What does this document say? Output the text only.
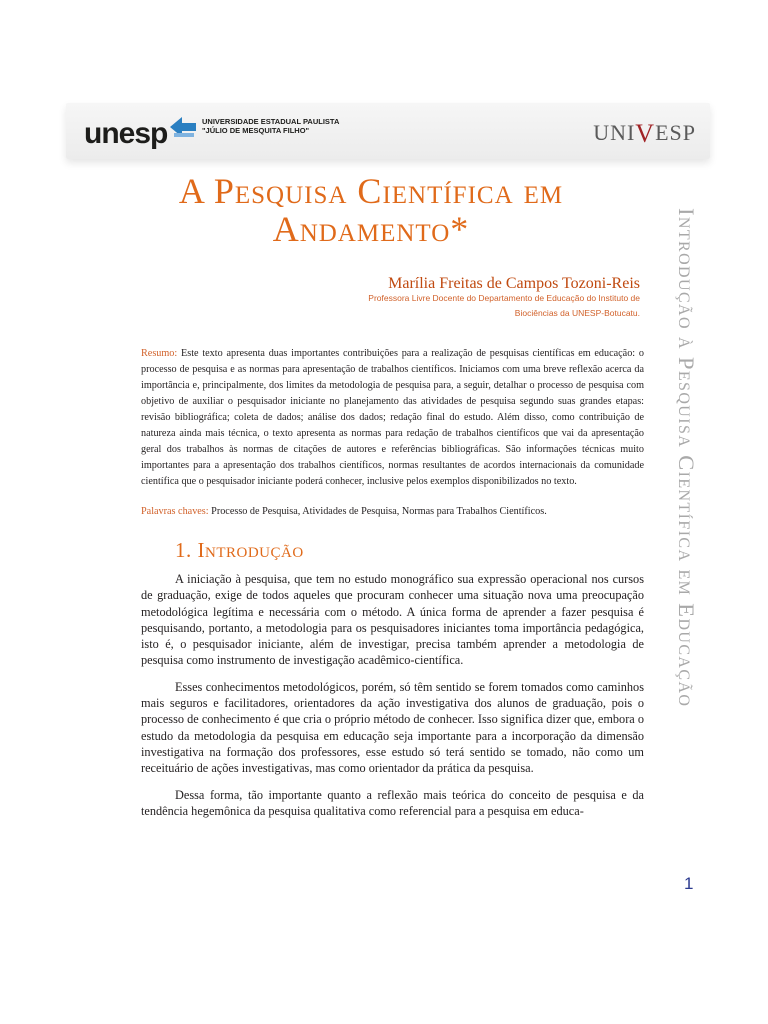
unesp	UNIVERSIDADE ESTADUAL PAULISTA
"JÚLIO DE MESQUITA FILHO"	UNIVESP
A Pesquisa Científica em
Andamento*
Marília Freitas de Campos Tozoni-Reis
Professora Livre Docente do Departamento de Educação do Instituto de
Biociências da UNESP-Botucatu.
Resumo: Este texto apresenta duas importantes contribuições para a realização de pesquisas científicas em educação: o processo de pesquisa e as normas para apresentação de trabalhos científicos. Iniciamos com uma breve reflexão acerca da importância e, principalmente, dos limites da metodologia de pesquisa para, a seguir, detalhar o processo de pesquisa com objetivo de auxiliar o pesquisador iniciante no planejamento das atividades de pesquisa segundo suas grandes etapas: revisão bibliográfica; coleta de dados; análise dos dados; redação final do estudo. Além disso, como contribuição de natureza ainda mais técnica, o texto apresenta as normas para redação de trabalhos científicos que vai da apresentação geral dos trabalhos às normas de citações de autores e referências bibliográficas. São informações técnicas muito importantes para a apresentação dos trabalhos científicos, normas resultantes de acordos internacionais da comunidade científica que o pesquisador iniciante poderá conhecer, inclusive pelos exemplos disponibilizados no texto.
Palavras chaves: Processo de Pesquisa, Atividades de Pesquisa, Normas para Trabalhos Científicos.
1. Introdução

A iniciação à pesquisa, que tem no estudo monográfico sua expressão operacional nos cursos de graduação, exige de todos aqueles que procuram conhecer uma situação nova uma preocupação metodológica legítima e necessária com o método. A única forma de aprender a fazer pesquisa é pesquisando, portanto, a metodologia para os pesquisadores iniciantes toma importância pedagógica, isto é, o pesquisador iniciante, além de investigar, precisa também aprender a metodologia de pesquisa como instrumento de investigação acadêmico-científica.

Esses conhecimentos metodológicos, porém, só têm sentido se forem tomados como caminhos mais seguros e facilitadores, orientadores da ação investigativa dos alunos de graduação, pois o processo de conhecimento é que cria o próprio método de conhecer. Isso significa dizer que, embora o estudo da metodologia da pesquisa em educação seja importante para a incorporação da dimensão investigativa na formação dos professores, esse estudo só terá sentido se tomado, não como um receituário de ações investigativas, mas como orientador da prática da pesquisa.

Dessa forma, tão importante quanto a reflexão mais teórica do conceito de pesquisa e da tendência hegemônica da pesquisa qualitativa como referencial para a pesquisa em educa-

Introdução à Pesquisa Científica em Educação
1
